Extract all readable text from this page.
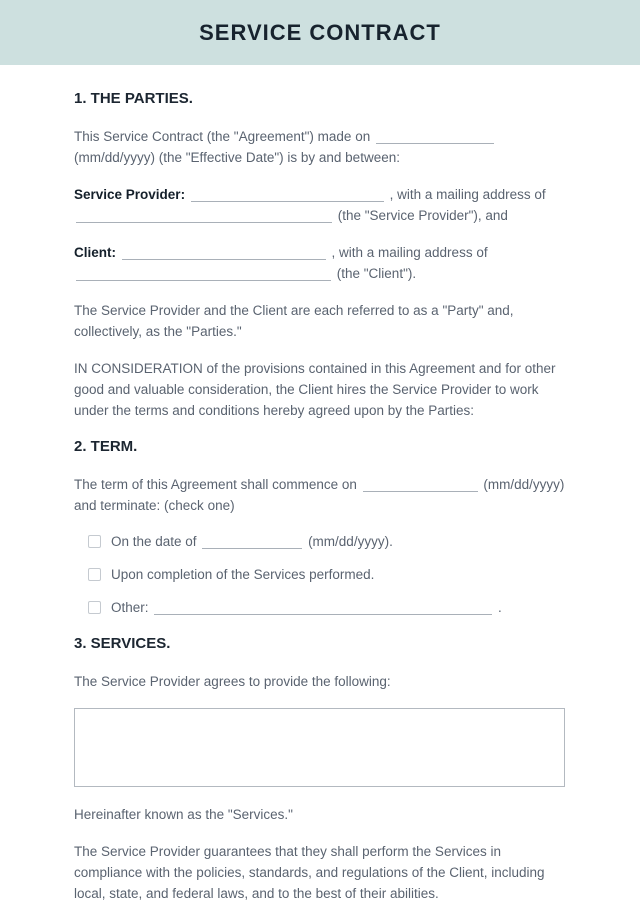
SERVICE CONTRACT
1. THE PARTIES.

This Service Contract (the "Agreement") made on  (mm/dd/yyyy) (the "Effective Date") is by and between:

Service Provider:	, with a mailing address of  (the "Service Provider"), and

Client:	, with a mailing address of  (the "Client").

The Service Provider and the Client are each referred to as a "Party" and, collectively, as the "Parties."

IN CONSIDERATION of the provisions contained in this Agreement and for other good and valuable consideration, the Client hires the Service Provider to work under the terms and conditions hereby agreed upon by the Parties:

2. TERM.

The term of this Agreement shall commence on	(mm/dd/yyyy) and terminate: (check one)

On the date of	(mm/dd/yyyy).
Upon completion of the Services performed.
Other:	.
3. SERVICES.

The Service Provider agrees to provide the following:

Hereinafter known as the "Services."

The Service Provider guarantees that they shall perform the Services in compliance with the policies, standards, and regulations of the Client, including local, state, and federal laws, and to the best of their abilities.
